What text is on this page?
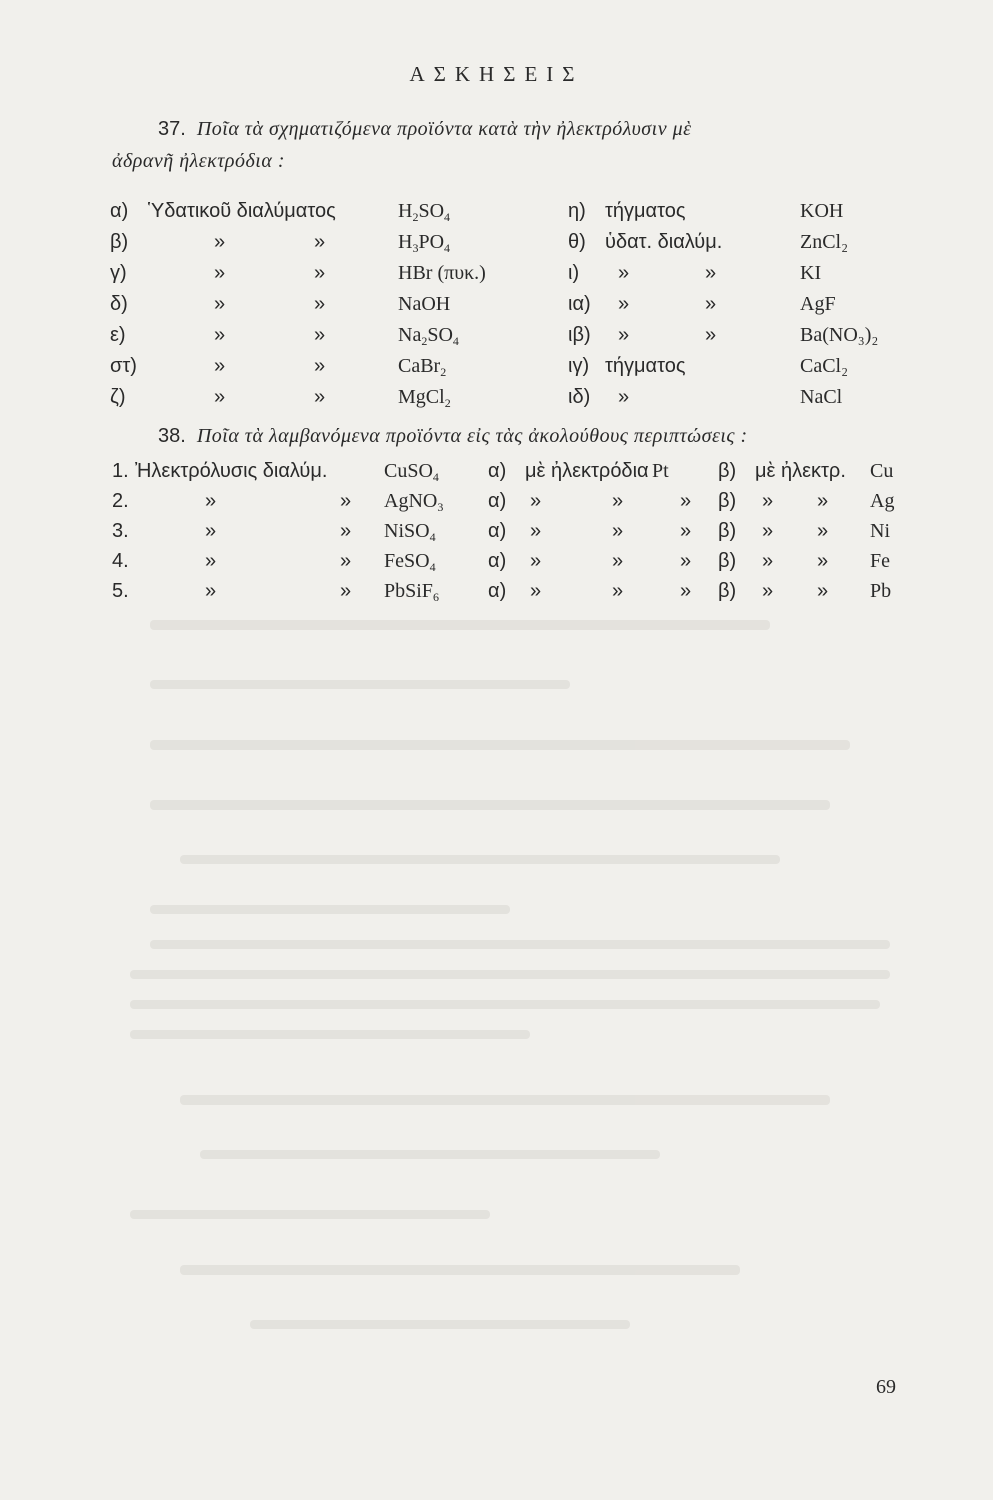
ΑΣΚΗΣΕΙΣ
37. Ποῖα τὰ σχηματιζόμενα προϊόντα κατὰ τὴν ἠλεκτρόλυσιν μὲ
ἀδρανῆ ἠλεκτρόδια :
α) Ὑδατικοῦ διαλύματος	$H_2SO_4$	η) τήγματος	KOH
β)	»	»	$H_3PO_4$	θ) ὑδατ. διαλύμ.	ZnCl₂
γ)	»	»	HBr (πυκ.)	ι) »	»	KI
δ)	»	»	NaOH	ια) »	»	AgF
ε)	»	»	$Na_2SO_4$	ιβ) »	»	Ba(NO₃)₂
στ)	»	»	CaBr$_2$	ιγ) τήγματος	CaCl₂
ζ)	»	»	MgCl$_2$	ιδ) »	NaCl
38. Ποῖα τὰ λαμβανόμενα προϊόντα εἰς τὰς ἀκολούθους περιπτώσεις :
1. Ἠλεκτρόλυσις διαλύμ.	CuSO$_4$ α) μὲ ἠλεκτρόδια Pt β) μὲ ἠλεκτρ. Cu
2.	»	» AgNO$_3$ α) »	»	» β) » » Ag
3.	»	» NiSO$_4$	α) »	»	» β) » » Ni
4.	»	» FeSO$_4$	α) »	»	» β) » » Fe
5.	»	» PbSiF$_6$ α) »	»	» β) » » Pb
69
